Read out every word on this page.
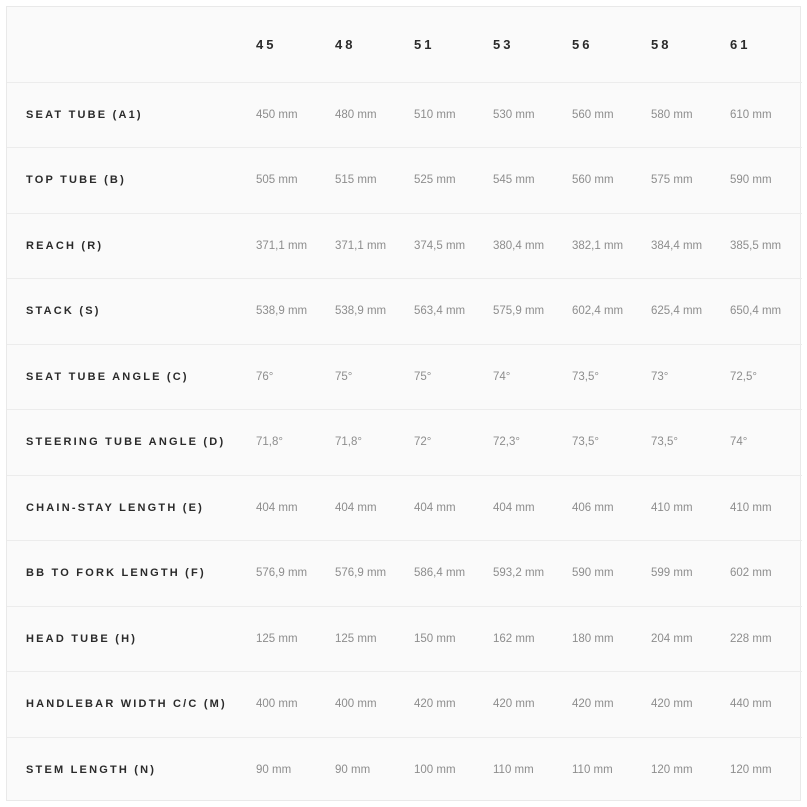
	45	48	51	53	56	58	61
SEAT TUBE (A1)	450 mm	480 mm	510 mm	530 mm	560 mm	580 mm	610 mm
TOP TUBE (B)	505 mm	515 mm	525 mm	545 mm	560 mm	575 mm	590 mm
REACH (R)	371,1 mm	371,1 mm	374,5 mm	380,4 mm	382,1 mm	384,4 mm	385,5 mm
STACK (S)	538,9 mm	538,9 mm	563,4 mm	575,9 mm	602,4 mm	625,4 mm	650,4 mm
SEAT TUBE ANGLE (C)	76°	75°	75°	74°	73,5°	73°	72,5°
STEERING TUBE ANGLE (D)	71,8°	71,8°	72°	72,3°	73,5°	73,5°	74°
CHAIN-STAY LENGTH (E)	404 mm	404 mm	404 mm	404 mm	406 mm	410 mm	410 mm
BB TO FORK LENGTH (F)	576,9 mm	576,9 mm	586,4 mm	593,2 mm	590 mm	599 mm	602 mm
HEAD TUBE (H)	125 mm	125 mm	150 mm	162 mm	180 mm	204 mm	228 mm
HANDLEBAR WIDTH C/C (M)	400 mm	400 mm	420 mm	420 mm	420 mm	420 mm	440 mm
STEM LENGTH (N)	90 mm	90 mm	100 mm	110 mm	110 mm	120 mm	120 mm
